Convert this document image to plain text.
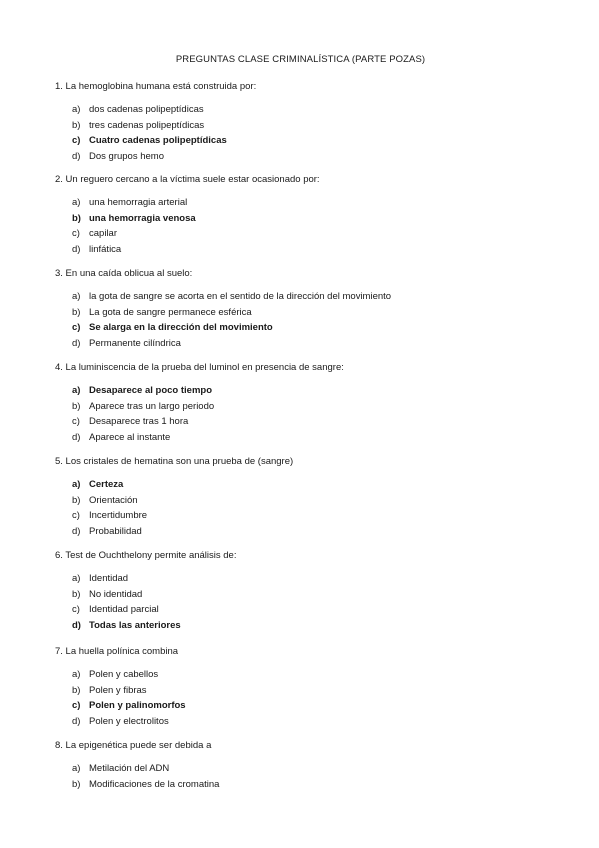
PREGUNTAS CLASE CRIMINALÍSTICA (PARTE POZAS)
1. La hemoglobina humana está construida por:
a) dos cadenas polipeptídicas
b) tres cadenas polipeptídicas
c) Cuatro cadenas polipeptídicas
d) Dos grupos hemo
2. Un reguero cercano a la víctima suele estar ocasionado por:
a) una hemorragia arterial
b) una hemorragia venosa
c) capilar
d) linfática
3. En una caída oblicua al suelo:
a) la gota de sangre se acorta en el sentido de la dirección del movimiento
b) La gota de sangre permanece esférica
c) Se alarga en la dirección del movimiento
d) Permanente cilíndrica
4. La luminiscencia de la prueba del luminol en presencia de sangre:
a) Desaparece al poco tiempo
b) Aparece tras un largo periodo
c) Desaparece tras 1 hora
d) Aparece al instante
5. Los cristales de hematina son una prueba de (sangre)
a) Certeza
b) Orientación
c) Incertidumbre
d) Probabilidad
6. Test de Ouchthelony permite análisis de:
a) Identidad
b) No identidad
c) Identidad parcial
d) Todas las anteriores
7. La huella polínica combina
a) Polen y cabellos
b) Polen y fibras
c) Polen y palinomorfos
d) Polen y electrolitos
8. La epigenética puede ser debida a
a) Metilación del ADN
b) Modificaciones de la cromatina
